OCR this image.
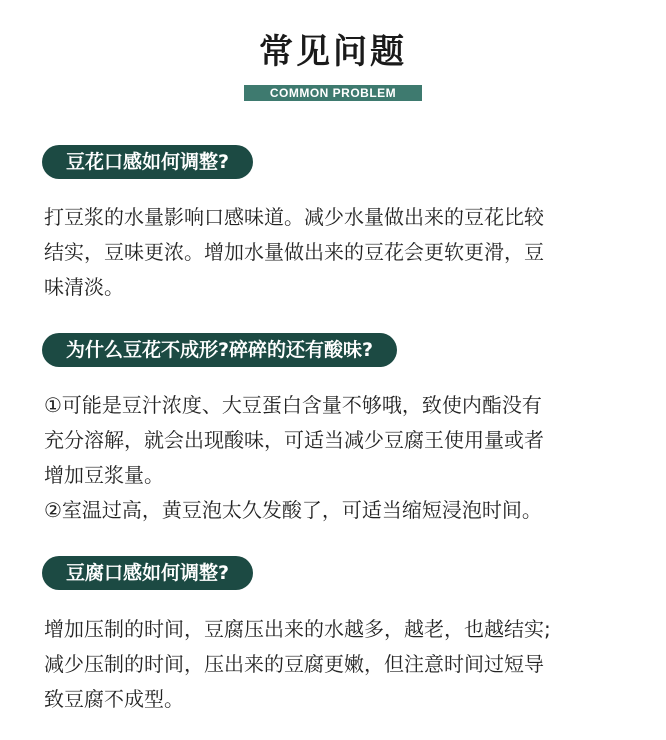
常见问题
COMMON PROBLEM
豆花口感如何调整?
打豆浆的水量影响口感味道。减少水量做出来的豆花比较
结实，豆味更浓。增加水量做出来的豆花会更软更滑，豆
味清淡。
为什么豆花不成形?碎碎的还有酸味?
①可能是豆汁浓度、大豆蛋白含量不够哦，致使内酯没有
充分溶解，就会出现酸味，可适当减少豆腐王使用量或者
增加豆浆量。
②室温过高，黄豆泡太久发酸了，可适当缩短浸泡时间。
豆腐口感如何调整?
增加压制的时间，豆腐压出来的水越多，越老，也越结实;
减少压制的时间，压出来的豆腐更嫩，但注意时间过短导
致豆腐不成型。
